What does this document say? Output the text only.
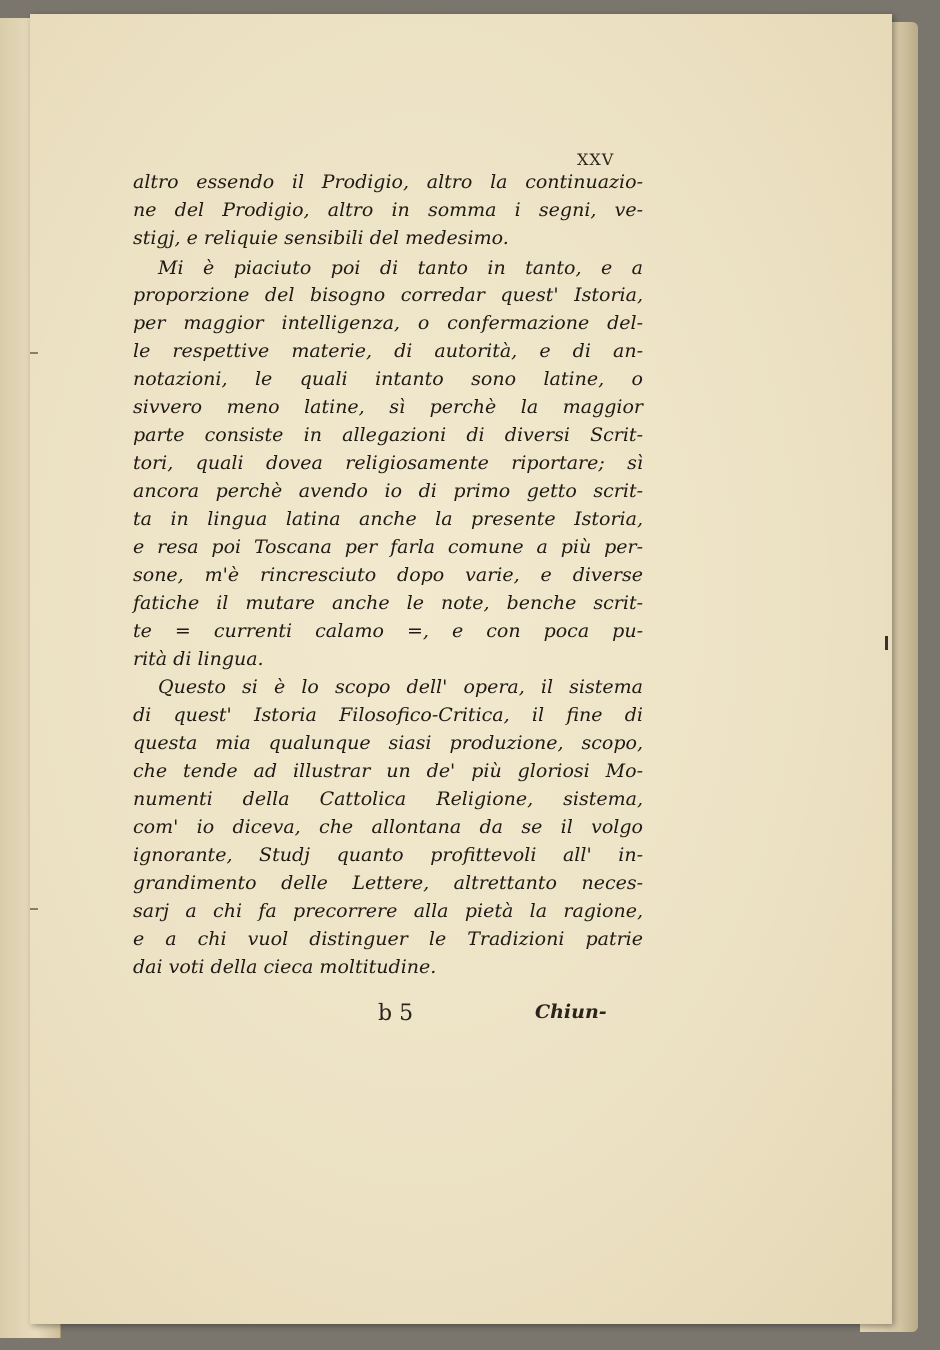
XXV
altro essendo il Prodigio, altro la continuazio-
ne del Prodigio, altro in somma i segni, ve-
stigj, e reliquie sensibili del medesimo.
Mi è piaciuto poi di tanto in tanto, e a
proporzione del bisogno corredar quest' Istoria,
per maggior intelligenza, o confermazione del-
le respettive materie, di autorità, e di an-
notazioni, le quali intanto sono latine, o
sivvero meno latine, sì perchè la maggior
parte consiste in allegazioni di diversi Scrit-
tori, quali dovea religiosamente riportare; sì
ancora perchè avendo io di primo getto scrit-
ta in lingua latina anche la presente Istoria,
e resa poi Toscana per farla comune a più per-
sone, m'è rincresciuto dopo varie, e diverse
fatiche il mutare anche le note, benche scrit-
te = currenti calamo =, e con poca pu-
rità di lingua.
Questo si è lo scopo dell' opera, il sistema
di quest' Istoria Filosofico-Critica, il fine di
questa mia qualunque siasi produzione, scopo,
che tende ad illustrar un de' più gloriosi Mo-
numenti della Cattolica Religione, sistema,
com' io diceva, che allontana da se il volgo
ignorante, Studj quanto profittevoli all' in-
grandimento delle Lettere, altrettanto neces-
sarj a chi fa precorrere alla pietà la ragione,
e a chi vuol distinguer le Tradizioni patrie
dai voti della cieca moltitudine.
b 5	Chiun-
